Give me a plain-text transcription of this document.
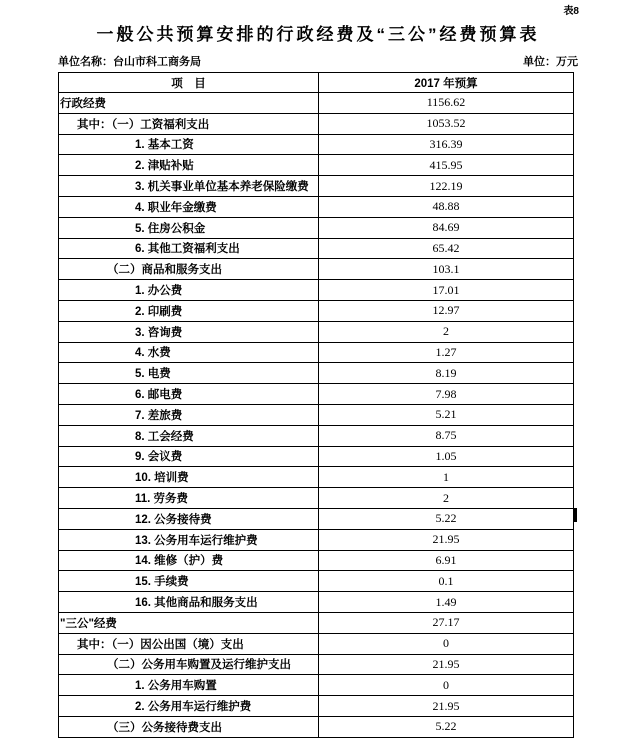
表8
一般公共预算安排的行政经费及“三公”经费预算表
单位名称：台山市科工商务局	单位：万元
项　目	2017 年预算
行政经费	1156.62
其中：（一）工资福利支出	1053.52
1. 基本工资	316.39
2. 津贴补贴	415.95
3. 机关事业单位基本养老保险缴费	122.19
4. 职业年金缴费	48.88
5. 住房公积金	84.69
6. 其他工资福利支出	65.42
（二）商品和服务支出	103.1
1. 办公费	17.01
2. 印刷费	12.97
3. 咨询费	2
4. 水费	1.27
5. 电费	8.19
6. 邮电费	7.98
7. 差旅费	5.21
8. 工会经费	8.75
9. 会议费	1.05
10. 培训费	1
11. 劳务费	2
12. 公务接待费	5.22
13. 公务用车运行维护费	21.95
14. 维修（护）费	6.91
15. 手续费	0.1
16. 其他商品和服务支出	1.49
"三公"经费	27.17
其中：（一）因公出国（境）支出	0
（二）公务用车购置及运行维护支出	21.95
1. 公务用车购置	0
2. 公务用车运行维护费	21.95
（三）公务接待费支出	5.22
